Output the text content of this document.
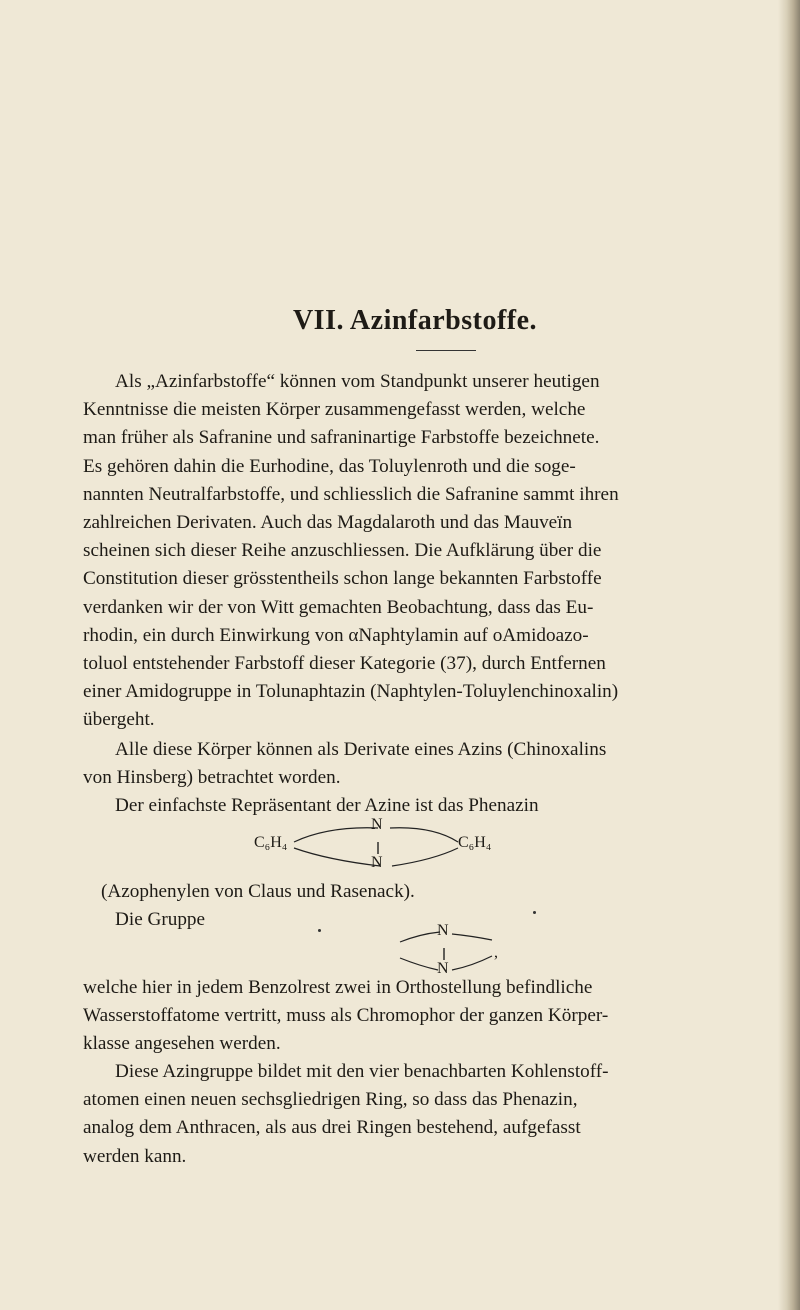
VII. Azinfarbstoffe.

Als „Azinfarbstoffe“ können vom Standpunkt unserer heutigen
Kenntnisse die meisten Körper zusammengefasst werden, welche
man früher als Safranine und safraninartige Farbstoffe bezeichnete.
Es gehören dahin die Eurhodine, das Toluylenroth und die soge-
nannten Neutralfarbstoffe, und schliesslich die Safranine sammt ihren
zahlreichen Derivaten. Auch das Magdalaroth und das Mauveïn
scheinen sich dieser Reihe anzuschliessen. Die Aufklärung über die
Constitution dieser grösstentheils schon lange bekannten Farbstoffe
verdanken wir der von Witt gemachten Beobachtung, dass das Eu-
rhodin, ein durch Einwirkung von αNaphtylamin auf oAmidoazo-
toluol entstehender Farbstoff dieser Kategorie (37), durch Entfernen
einer Amidogruppe in Tolunaphtazin (Naphtylen-Toluylenchinoxalin)
übergeht.

Alle diese Körper können als Derivate eines Azins (Chinoxalins
von Hinsberg) betrachtet worden.

Der einfachste Repräsentant der Azine ist das Phenazin

N
C₆H₄	C₆H₄
N

(Azophenylen von Claus und Rasenack).

Die Gruppe

N
N
,

welche hier in jedem Benzolrest zwei in Orthostellung befindliche
Wasserstoffatome vertritt, muss als Chromophor der ganzen Körper-
klasse angesehen werden.

Diese Azingruppe bildet mit den vier benachbarten Kohlenstoff-
atomen einen neuen sechsgliedrigen Ring, so dass das Phenazin,
analog dem Anthracen, als aus drei Ringen bestehend, aufgefasst
werden kann.
